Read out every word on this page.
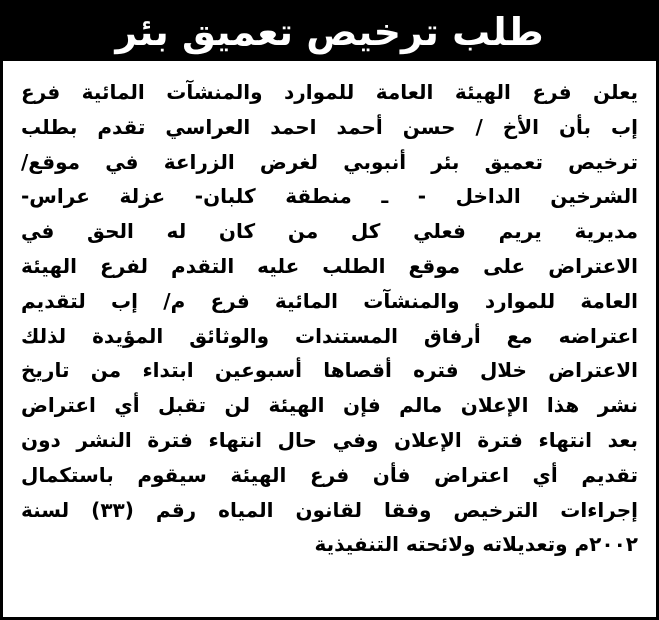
طلب ترخيص تعميق بئر
يعلن فرع الهيئة العامة للموارد والمنشآت المائية فرع
إب بأن الأخ / حسن أحمد احمد العراسي تقدم بطلب
ترخيص تعميق بئر أنبوبي لغرض الزراعة في موقع/
الشرخين الداخل - ـ منطقة كلبان- عزلة عراس-
مديرية يريم فعلي كل من كان له الحق في
الاعتراض على موقع الطلب عليه التقدم لفرع الهيئة
العامة للموارد والمنشآت المائية فرع م/ إب لتقديم
اعتراضه مع أرفاق المستندات والوثائق المؤيدة لذلك
الاعتراض خلال فتره أقصاها أسبوعين ابتداء من تاريخ
نشر هذا الإعلان مالم فإن الهيئة لن تقبل أي اعتراض
بعد انتهاء فترة الإعلان وفي حال انتهاء فترة النشر دون
تقديم أي اعتراض فأن فرع الهيئة سيقوم باستكمال
إجراءات الترخيص وفقا لقانون المياه رقم (٣٣) لسنة
٢٠٠٢م وتعديلاته ولائحته التنفيذية
